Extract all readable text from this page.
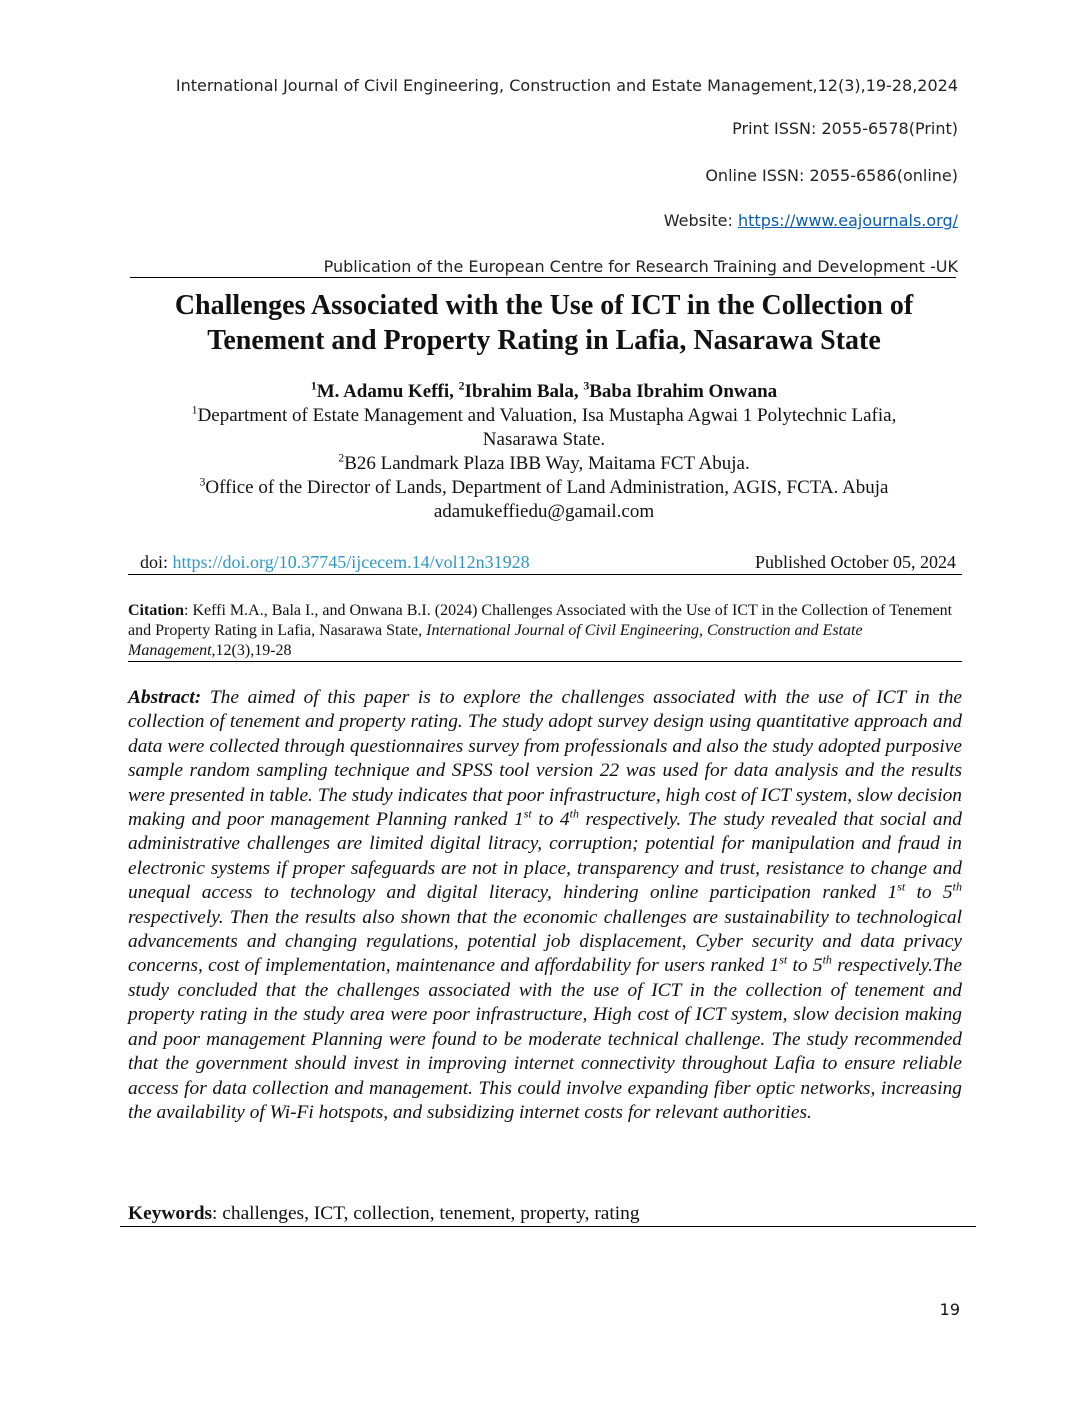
International Journal of Civil Engineering, Construction and Estate Management,12(3),19-28,2024
Print ISSN: 2055-6578(Print)
Online ISSN: 2055-6586(online)
Website: https://www.eajournals.org/
Publication of the European Centre for Research Training and Development -UK
Challenges Associated with the Use of ICT in the Collection of
Tenement and Property Rating in Lafia, Nasarawa State
$^1$M. Adamu Keffi, $^2$Ibrahim Bala, $^3$Baba Ibrahim Onwana
$^1$Department of Estate Management and Valuation, Isa Mustapha Agwai 1 Polytechnic Lafia,
Nasarawa State.
$^2$B26 Landmark Plaza IBB Way, Maitama FCT Abuja.
$^3$Office of the Director of Lands, Department of Land Administration, AGIS, FCTA. Abuja
adamukeffiedu@gamail.com
doi: https://doi.org/10.37745/ijcecem.14/vol12n31928	Published October 05, 2024
Citation: Keffi M.A., Bala I., and Onwana B.I. (2024) Challenges Associated with the Use of ICT in the Collection of Tenement and Property Rating in Lafia, Nasarawa State, International Journal of Civil Engineering, Construction and Estate Management,12(3),19-28
Abstract: The aimed of this paper is to explore the challenges associated with the use of ICT in the collection of tenement and property rating. The study adopt survey design using quantitative approach and data were collected through questionnaires survey from professionals and also the study adopted purposive sample random sampling technique and SPSS tool version 22 was used for data analysis and the results were presented in table. The study indicates that poor infrastructure, high cost of ICT system, slow decision making and poor management Planning ranked 1st to 4th respectively. The study revealed that social and administrative challenges are limited digital litracy, corruption; potential for manipulation and fraud in electronic systems if proper safeguards are not in place, transparency and trust, resistance to change and unequal access to technology and digital literacy, hindering online participation ranked 1st to 5th respectively. Then the results also shown that the economic challenges are sustainability to technological advancements and changing regulations, potential job displacement, Cyber security and data privacy concerns, cost of implementation, maintenance and affordability for users ranked 1st to 5th respectively.The study concluded that the challenges associated with the use of ICT in the collection of tenement and property rating in the study area were poor infrastructure, High cost of ICT system, slow decision making and poor management Planning were found to be moderate technical challenge. The study recommended that the government should invest in improving internet connectivity throughout Lafia to ensure reliable access for data collection and management. This could involve expanding fiber optic networks, increasing the availability of Wi-Fi hotspots, and subsidizing internet costs for relevant authorities.
Keywords: challenges, ICT, collection, tenement, property, rating
19
